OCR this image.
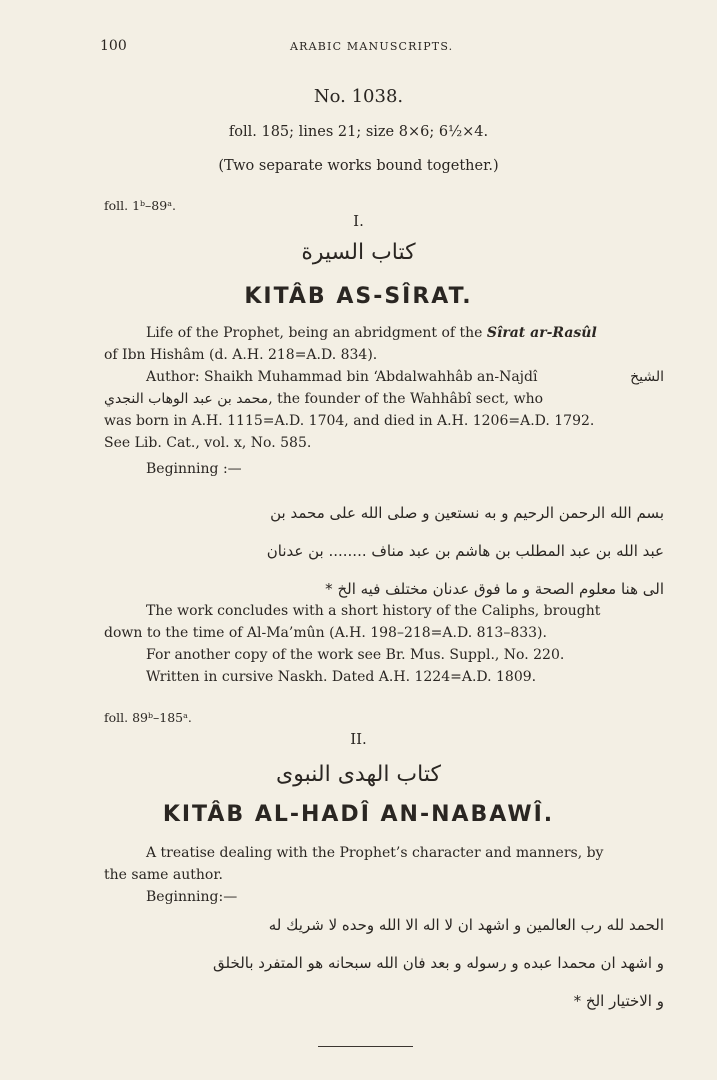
100	ARABIC MANUSCRIPTS.
No. 1038.
foll. 185; lines 21; size 8×6; 6½×4.
(Two separate works bound together.)
foll. 1ᵇ–89ᵃ.
I.
كتاب السيرة
KITÂB AS-SÎRAT.

Life of the Prophet, being an abridgment of the Sîrat ar-Rasûl

of Ibn Hishâm (d. A.H. 218=A.D. 834).

Author: Shaikh Muhammad bin ‘Abdalwahhâb an-Najdî	الشيخ

محمد بن عبد الوهاب النجدي, the founder of the Wahhâbî sect, who

was born in A.H. 1115=A.D. 1704, and died in A.H. 1206=A.D. 1792.

See Lib. Cat., vol. x, No. 585.

Beginning :—

بسم الله الرحمن الرحيم و به نستعين و صلى الله على محمد بن
عبد الله بن عبد المطلب بن هاشم بن عبد مناف ........ بن عدنان
الى هنا معلوم الصحة و ما فوق عدنان مختلف فيه الخ *

The work concludes with a short history of the Caliphs, brought

down to the time of Al-Ma’mûn (A.H. 198–218=A.D. 813–833).

For another copy of the work see Br. Mus. Suppl., No. 220.

Written in cursive Naskh. Dated A.H. 1224=A.D. 1809.

foll. 89ᵇ–185ᵃ.
II.
كتاب الهدى النبوى
KITÂB AL-HADÎ AN-NABAWÎ.

A treatise dealing with the Prophet’s character and manners, by

the same author.

Beginning:—

الحمد لله رب العالمين و اشهد ان لا اله الا الله وحده لا شريك له
و اشهد ان محمدا عبده و رسوله و بعد فان الله سبحانه هو المتفرد بالخلق
و الاختيار الخ *
